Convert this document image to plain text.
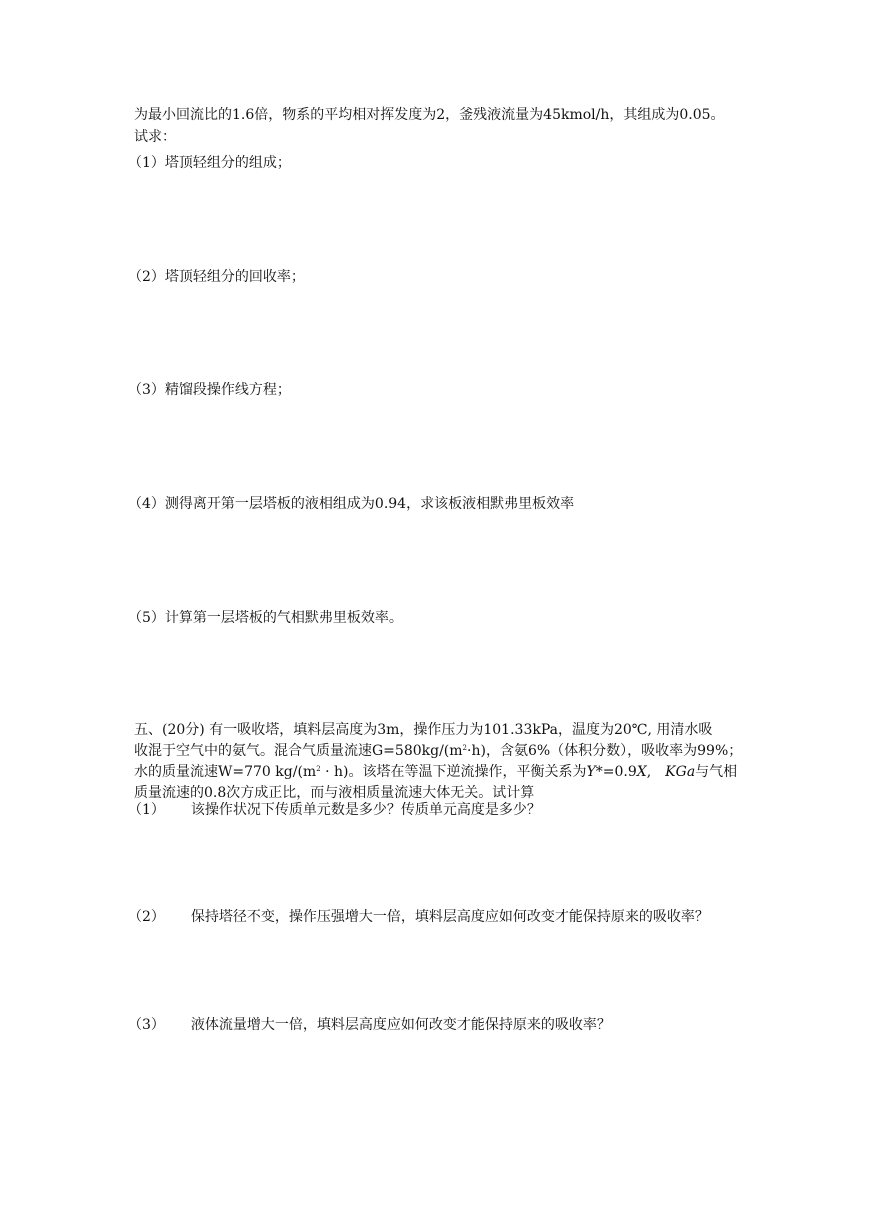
为最小回流比的1.6倍，物系的平均相对挥发度为2，釜残液流量为45kmol/h，其组成为0.05。
试求：
（1）塔顶轻组分的组成；
（2）塔顶轻组分的回收率；
（3）精馏段操作线方程；
（4）测得离开第一层塔板的液相组成为0.94，求该板液相默弗里板效率
（5）计算第一层塔板的气相默弗里板效率。
五、(20分) 有一吸收塔，填料层高度为3m，操作压力为101.33kPa，温度为20℃, 用清水吸
收混于空气中的氨气。混合气质量流速$G=580kg/(m^2\cdot h)$，含氨6%（体积分数），吸收率为99%；
水的质量流速W=770 $kg/(m^2 \cdot h)$。该塔在等温下逆流操作，平衡关系为Y*=0.9X, KGa与气相
质量流速的0.8次方成正比，而与液相质量流速大体无关。试计算
（1） 该操作状况下传质单元数是多少？传质单元高度是多少？
（2） 保持塔径不变，操作压强增大一倍，填料层高度应如何改变才能保持原来的吸收率？
（3） 液体流量增大一倍，填料层高度应如何改变才能保持原来的吸收率？
